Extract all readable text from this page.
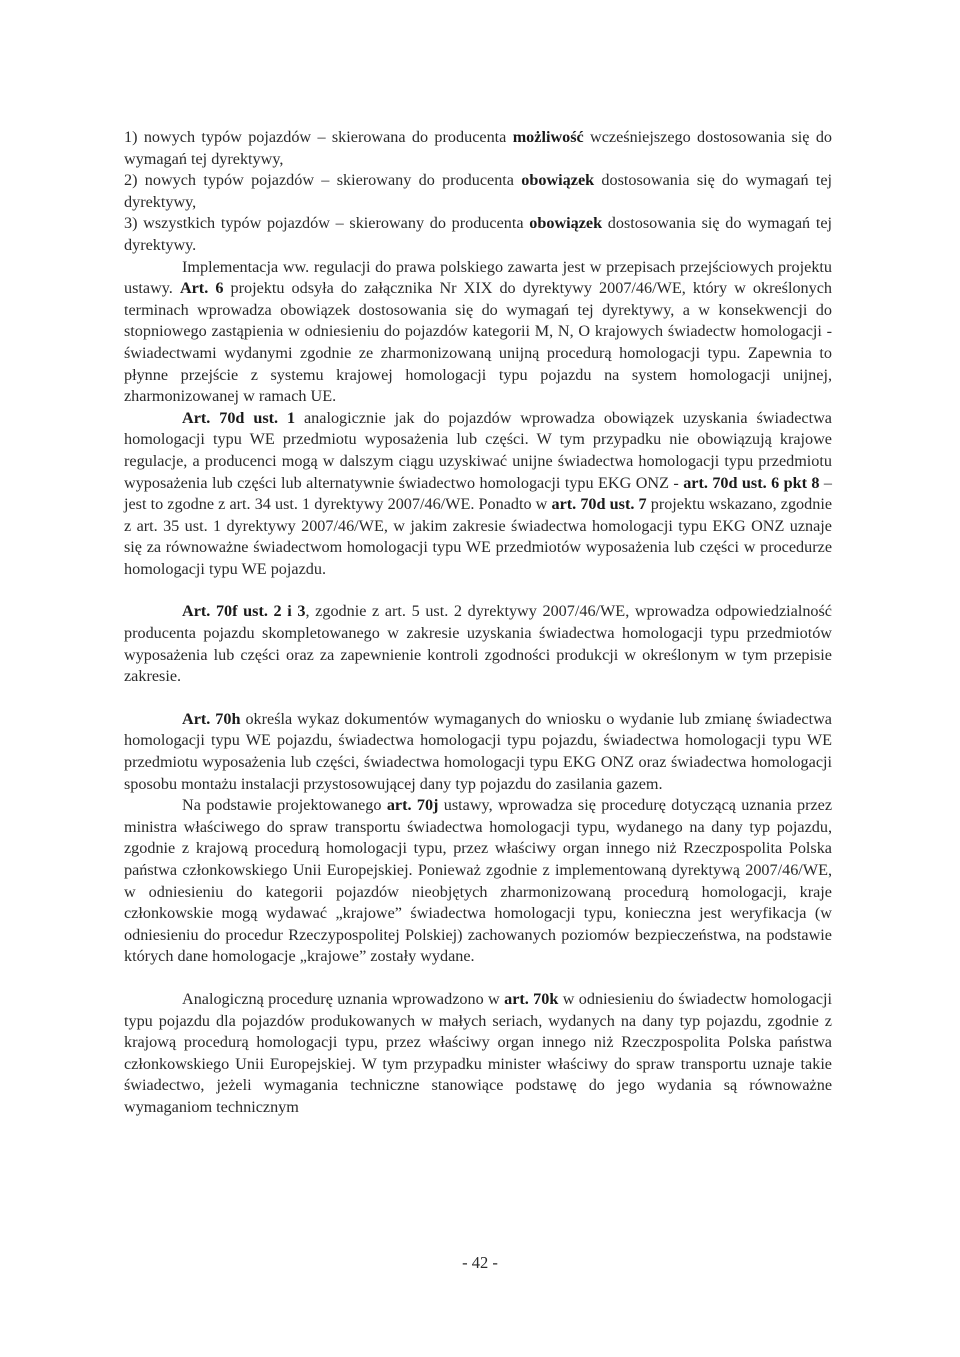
1) nowych typów pojazdów – skierowana do producenta możliwość wcześniejszego dostosowania się do wymagań tej dyrektywy,

2) nowych typów pojazdów – skierowany do producenta obowiązek dostosowania się do wymagań tej dyrektywy,

3) wszystkich typów pojazdów – skierowany do producenta obowiązek dostosowania się do wymagań tej dyrektywy.

Implementacja ww. regulacji do prawa polskiego zawarta jest w przepisach przejściowych projektu ustawy. Art. 6 projektu odsyła do załącznika Nr XIX do dyrektywy 2007/46/WE, który w określonych terminach wprowadza obowiązek dostosowania się do wymagań tej dyrektywy, a w konsekwencji do stopniowego zastąpienia w odniesieniu do pojazdów kategorii M, N, O krajowych świadectw homologacji - świadectwami wydanymi zgodnie ze zharmonizowaną unijną procedurą homologacji typu. Zapewnia to płynne przejście z systemu krajowej homologacji typu pojazdu na system homologacji unijnej, zharmonizowanej w ramach UE.

Art. 70d ust. 1 analogicznie jak do pojazdów wprowadza obowiązek uzyskania świadectwa homologacji typu WE przedmiotu wyposażenia lub części. W tym przypadku nie obowiązują krajowe regulacje, a producenci mogą w dalszym ciągu uzyskiwać unijne świadectwa homologacji typu przedmiotu wyposażenia lub części lub alternatywnie świadectwo homologacji typu EKG ONZ - art. 70d ust. 6 pkt 8 – jest to zgodne z art. 34 ust. 1 dyrektywy 2007/46/WE. Ponadto w art. 70d ust. 7 projektu wskazano, zgodnie z art. 35 ust. 1 dyrektywy 2007/46/WE, w jakim zakresie świadectwa homologacji typu EKG ONZ uznaje się za równoważne świadectwom homologacji typu WE przedmiotów wyposażenia lub części w procedurze homologacji typu WE pojazdu.

Art. 70f ust. 2 i 3, zgodnie z art. 5 ust. 2 dyrektywy 2007/46/WE, wprowadza odpowiedzialność producenta pojazdu skompletowanego w zakresie uzyskania świadectwa homologacji typu przedmiotów wyposażenia lub części oraz za zapewnienie kontroli zgodności produkcji w określonym w tym przepisie zakresie.

Art. 70h określa wykaz dokumentów wymaganych do wniosku o wydanie lub zmianę świadectwa homologacji typu WE pojazdu, świadectwa homologacji typu pojazdu, świadectwa homologacji typu WE przedmiotu wyposażenia lub części, świadectwa homologacji typu EKG ONZ oraz świadectwa homologacji sposobu montażu instalacji przystosowującej dany typ pojazdu do zasilania gazem.

Na podstawie projektowanego art. 70j ustawy, wprowadza się procedurę dotyczącą uznania przez ministra właściwego do spraw transportu świadectwa homologacji typu, wydanego na dany typ pojazdu, zgodnie z krajową procedurą homologacji typu, przez właściwy organ innego niż Rzeczpospolita Polska państwa członkowskiego Unii Europejskiej. Ponieważ zgodnie z implementowaną dyrektywą 2007/46/WE, w odniesieniu do kategorii pojazdów nieobjętych zharmonizowaną procedurą homologacji, kraje członkowskie mogą wydawać „krajowe” świadectwa homologacji typu, konieczna jest weryfikacja (w odniesieniu do procedur Rzeczypospolitej Polskiej) zachowanych poziomów bezpieczeństwa, na podstawie których dane homologacje „krajowe” zostały wydane.

Analogiczną procedurę uznania wprowadzono w art. 70k w odniesieniu do świadectw homologacji typu pojazdu dla pojazdów produkowanych w małych seriach, wydanych na dany typ pojazdu, zgodnie z krajową procedurą homologacji typu, przez właściwy organ innego niż Rzeczpospolita Polska państwa członkowskiego Unii Europejskiej. W tym przypadku minister właściwy do spraw transportu uznaje takie świadectwo, jeżeli wymagania techniczne stanowiące podstawę do jego wydania są równoważne wymaganiom technicznym

- 42 -
